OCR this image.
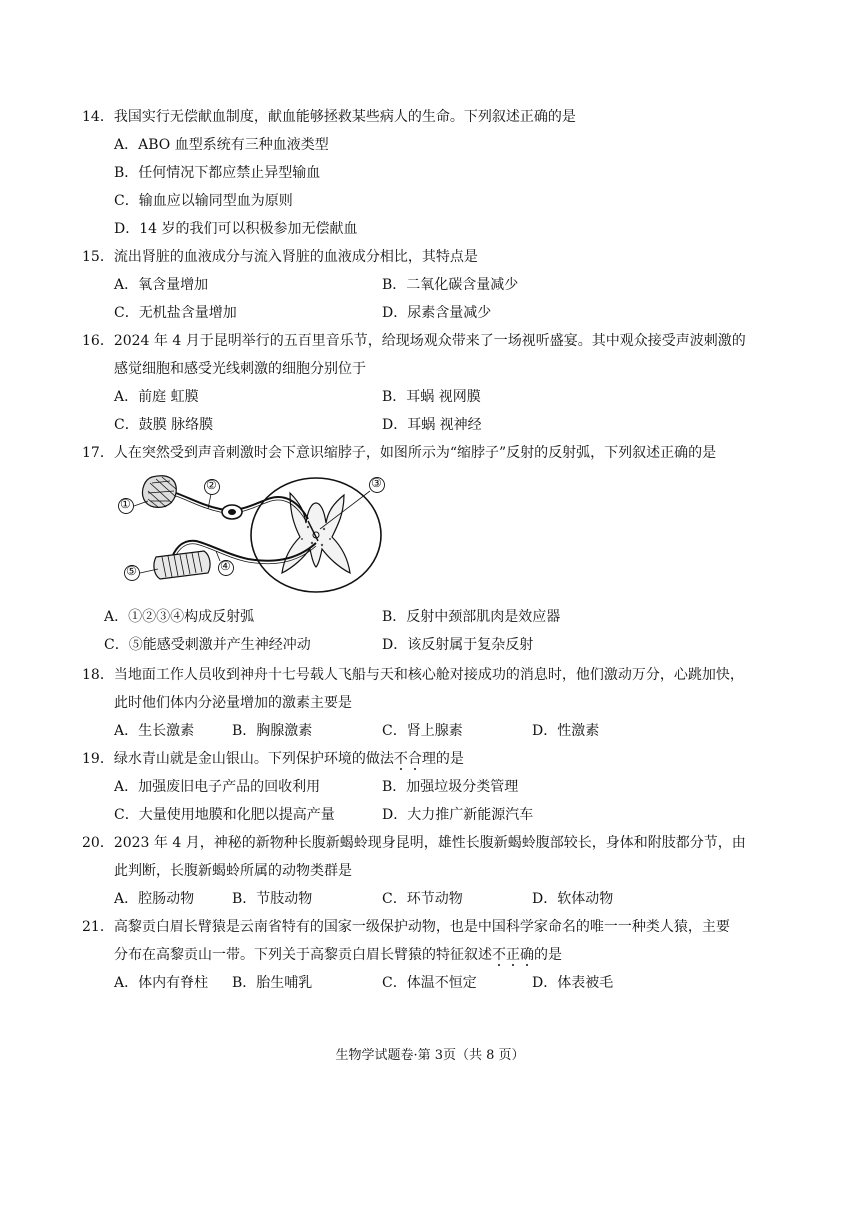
14．我国实行无偿献血制度，献血能够拯救某些病人的生命。下列叙述正确的是

A．ABO 血型系统有三种血液类型
B．任何情况下都应禁止异型输血
C．输血应以输同型血为原则
D．14 岁的我们可以积极参加无偿献血

15．流出肾脏的血液成分与流入肾脏的血液成分相比，其特点是

A．氧含量增加	B．二氧化碳含量减少
C．无机盐含量增加	D．尿素含量减少

16．2024 年 4 月于昆明举行的五百里音乐节，给现场观众带来了一场视听盛宴。其中观众接受声波刺激的

感觉细胞和感受光线刺激的细胞分别位于

A．前庭 虹膜	B．耳蜗 视网膜
C．鼓膜 脉络膜	D．耳蜗 视神经

17．人在突然受到声音刺激时会下意识缩脖子，如图所示为“缩脖子”反射的反射弧，下列叙述正确的是

①
②	③
④
⑤
A．①②③④构成反射弧	B．反射中颈部肌肉是效应器
C．⑤能感受刺激并产生神经冲动	D．该反射属于复杂反射

18．当地面工作人员收到神舟十七号载人飞船与天和核心舱对接成功的消息时，他们激动万分，心跳加快，

此时他们体内分泌量增加的激素主要是

A．生长激素	B．胸腺激素	C．肾上腺素	D．性激素

19．绿水青山就是金山银山。下列保护环境的做法不合理的是

A．加强废旧电子产品的回收利用	B．加强垃圾分类管理
C．大量使用地膜和化肥以提高产量	D．大力推广新能源汽车

20．2023 年 4 月，神秘的新物种长腹新蝎蛉现身昆明，雄性长腹新蝎蛉腹部较长，身体和附肢都分节，由

此判断，长腹新蝎蛉所属的动物类群是

A．腔肠动物	B．节肢动物	C．环节动物	D．软体动物

21．高黎贡白眉长臂猿是云南省特有的国家一级保护动物，也是中国科学家命名的唯一一种类人猿，主要

分布在高黎贡山一带。下列关于高黎贡白眉长臂猿的特征叙述不正确的是

A．体内有脊柱 B．胎生哺乳	C．体温不恒定	D．体表被毛
生物学试题卷·第 3页（共 8 页）
